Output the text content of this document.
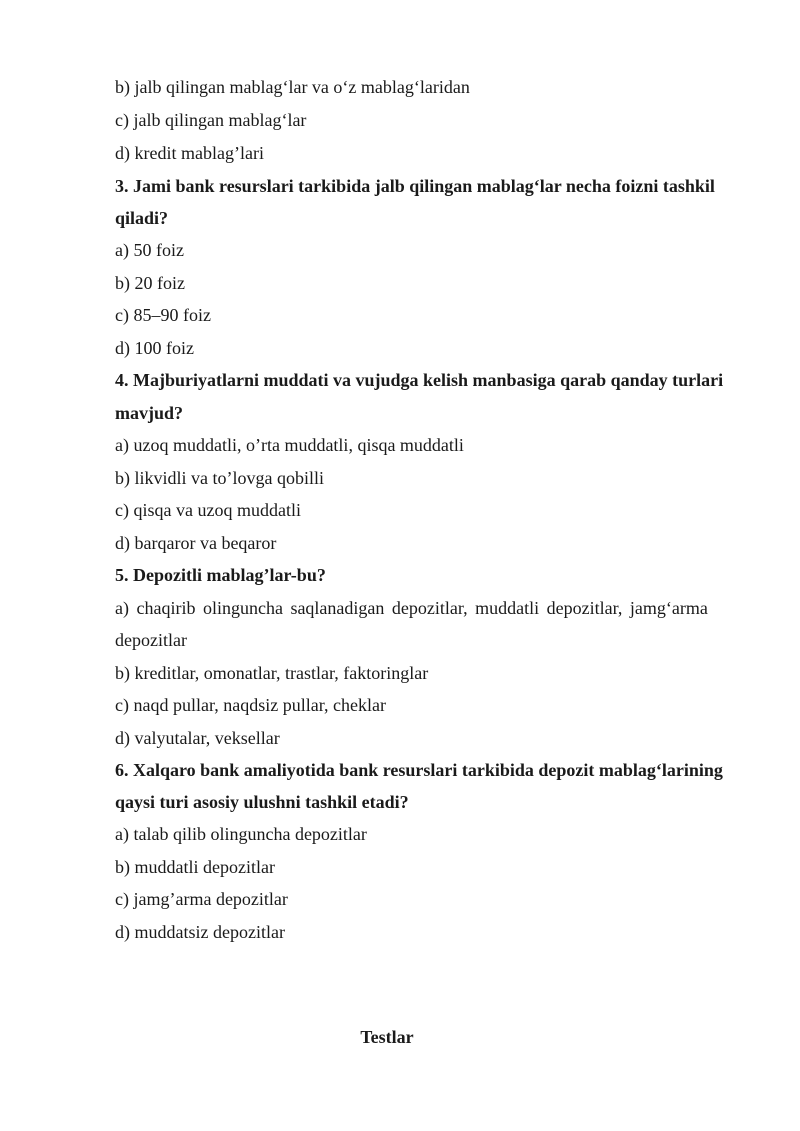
b) jalb qilingan mablag‘lar va o‘z mablag‘laridan
c) jalb qilingan mablag‘lar
d) kredit mablag’lari
3. Jami bank resurslari tarkibida jalb qilingan mablag‘lar necha foizni tashkil
qiladi?
a) 50 foiz
b) 20 foiz
c) 85–90 foiz
d) 100 foiz
4. Majburiyatlarni muddati va vujudga kelish manbasiga qarab qanday turlari
mavjud?
a) uzoq muddatli, o’rta muddatli, qisqa muddatli
b) likvidli va to’lovga qobilli
c) qisqa va uzoq muddatli
d) barqaror va beqaror
5. Depozitli mablag’lar-bu?
a) chaqirib olinguncha saqlanadigan depozitlar, muddatli depozitlar, jamg‘arma
depozitlar
b) kreditlar, omonatlar, trastlar, faktoringlar
c) naqd pullar, naqdsiz pullar, cheklar
d) valyutalar, veksellar
6. Xalqaro bank amaliyotida bank resurslari tarkibida depozit mablag‘larining
qaysi turi asosiy ulushni tashkil etadi?
a) talab qilib olinguncha depozitlar
b) muddatli depozitlar
c) jamg’arma depozitlar
d) muddatsiz depozitlar
Testlar
